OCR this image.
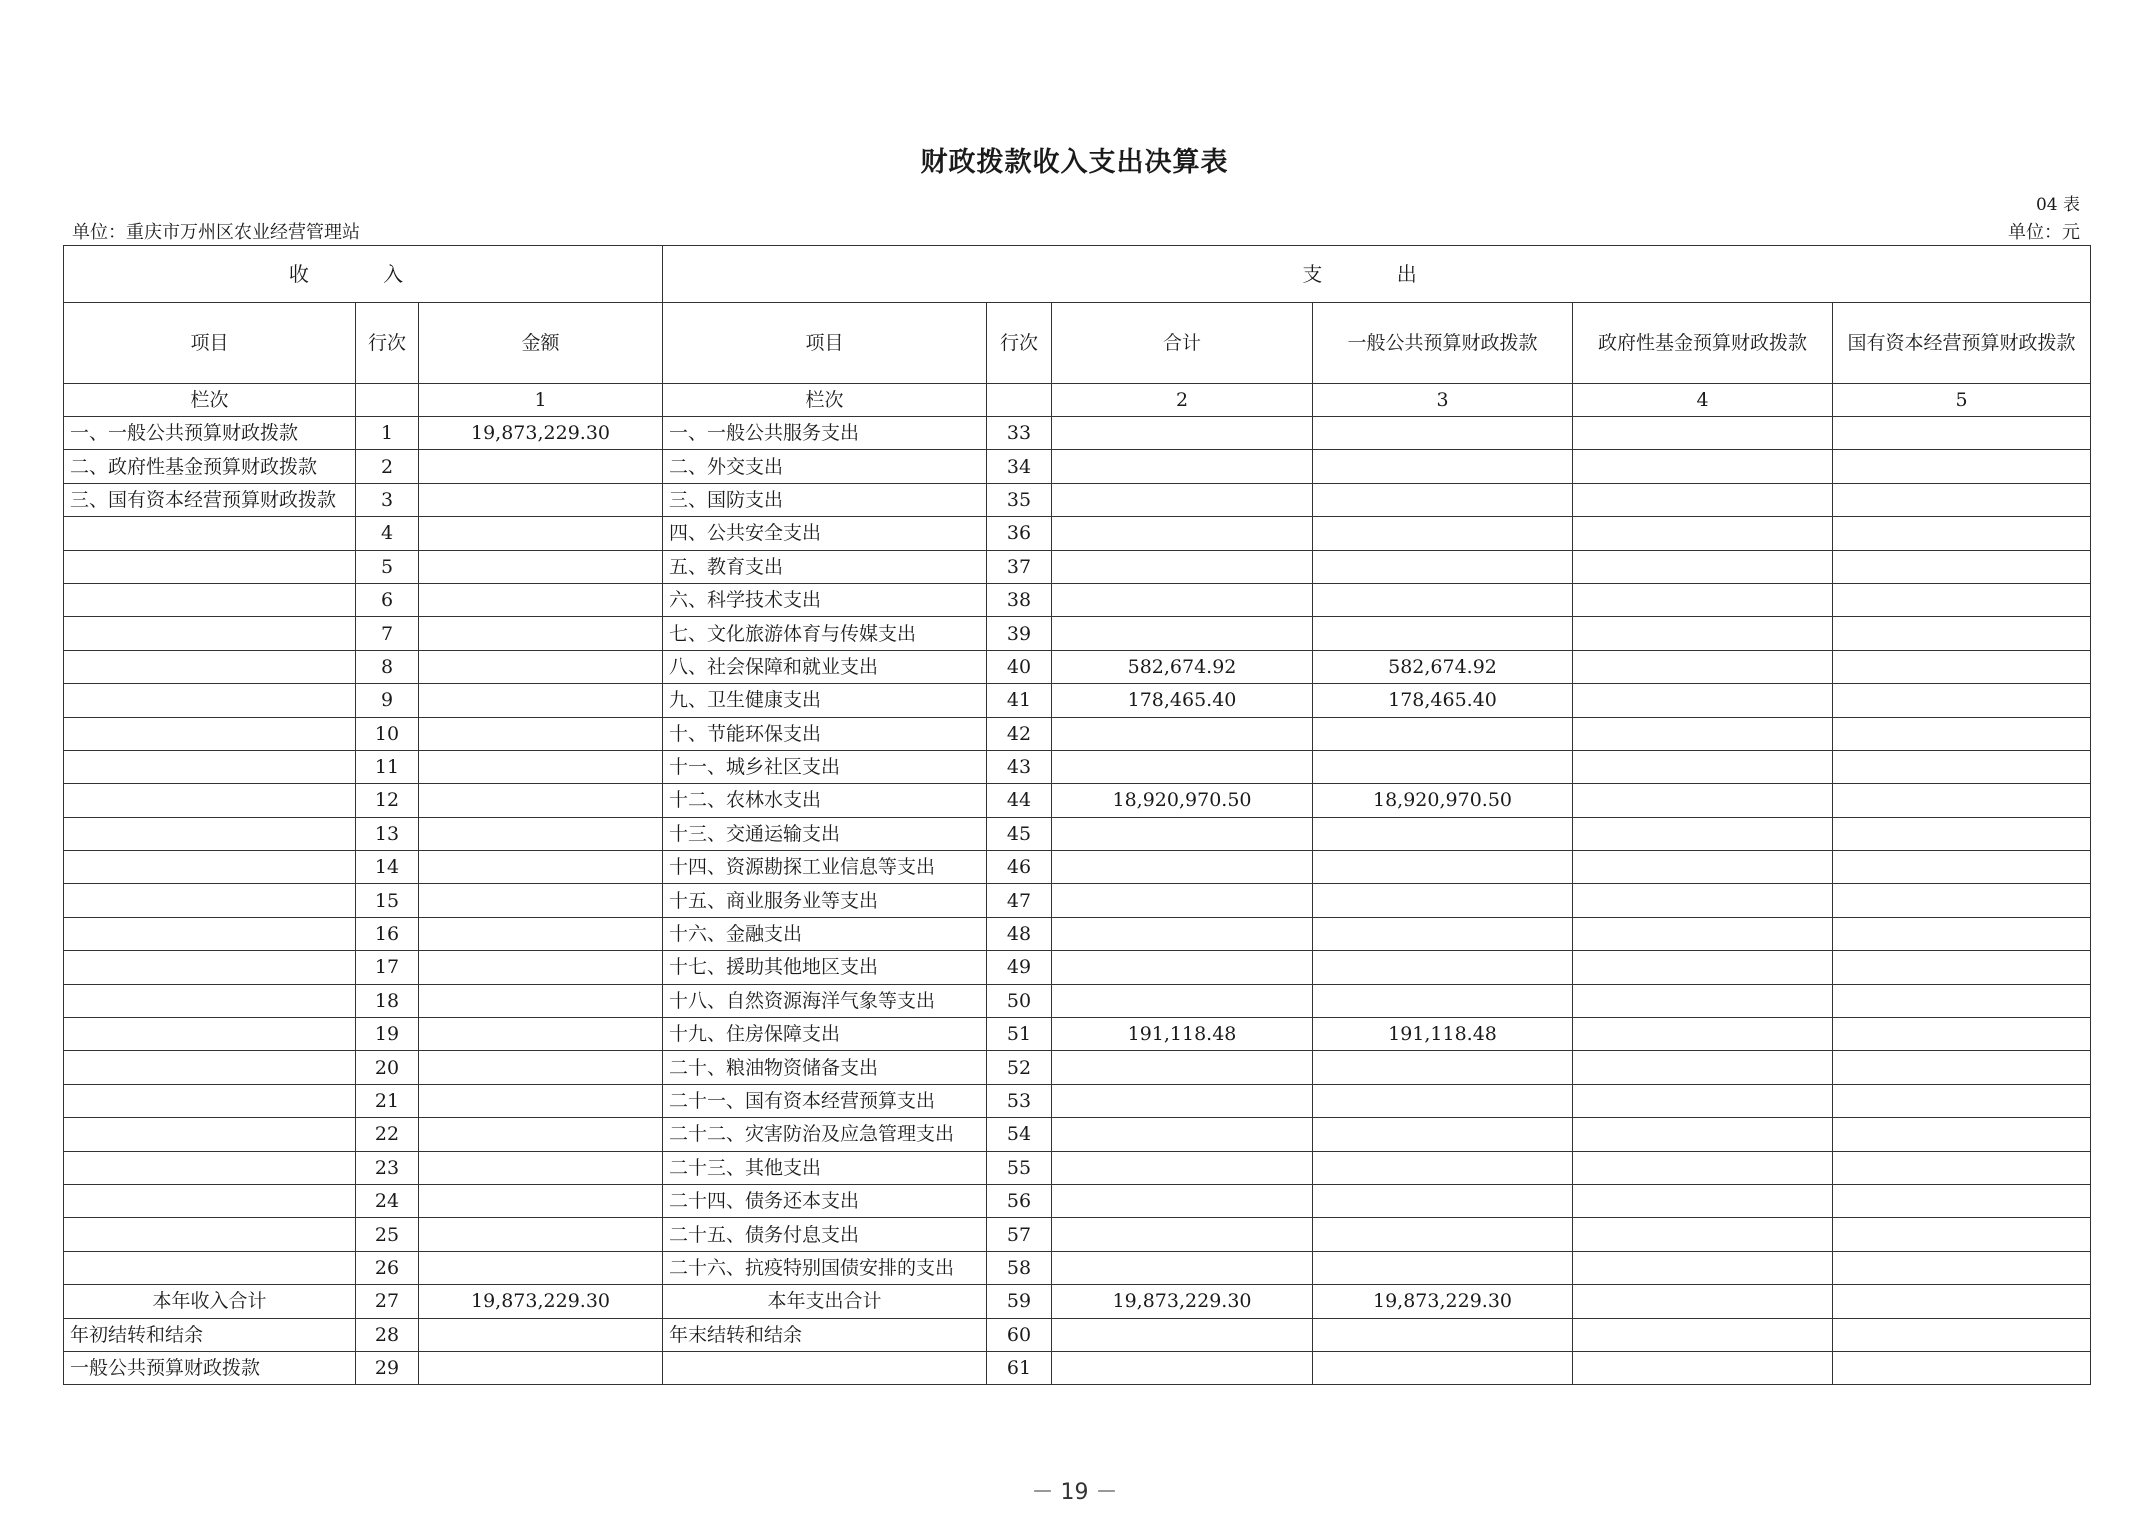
财政拨款收入支出决算表
04 表
单位：重庆市万州区农业经营管理站	单位：元
收 入			支 出					
项目	行次	金额	项目	行次	合计	一般公共预算财政拨款	政府性基金预算财政拨款	国有资本经营预算财政拨款
栏次		1	栏次		2	3	4	5
一、一般公共预算财政拨款	1	19,873,229.30	一、一般公共服务支出	33				
二、政府性基金预算财政拨款	2		二、外交支出	34				
三、国有资本经营预算财政拨款	3		三、国防支出	35				
	4		四、公共安全支出	36				
	5		五、教育支出	37				
	6		六、科学技术支出	38				
	7		七、文化旅游体育与传媒支出	39				
	8		八、社会保障和就业支出	40	582,674.92	582,674.92		
	9		九、卫生健康支出	41	178,465.40	178,465.40		
	10		十、节能环保支出	42				
	11		十一、城乡社区支出	43				
	12		十二、农林水支出	44	18,920,970.50	18,920,970.50		
	13		十三、交通运输支出	45				
	14		十四、资源勘探工业信息等支出	46				
	15		十五、商业服务业等支出	47				
	16		十六、金融支出	48				
	17		十七、援助其他地区支出	49				
	18		十八、自然资源海洋气象等支出	50				
	19		十九、住房保障支出	51	191,118.48	191,118.48		
	20		二十、粮油物资储备支出	52				
	21		二十一、国有资本经营预算支出	53				
	22		二十二、灾害防治及应急管理支出	54				
	23		二十三、其他支出	55				
	24		二十四、债务还本支出	56				
	25		二十五、债务付息支出	57				
	26		二十六、抗疫特别国债安排的支出	58				
本年收入合计	27	19,873,229.30	本年支出合计	59	19,873,229.30	19,873,229.30		
年初结转和结余	28		年末结转和结余	60				
一般公共预算财政拨款	29			61				
－ 19 －
